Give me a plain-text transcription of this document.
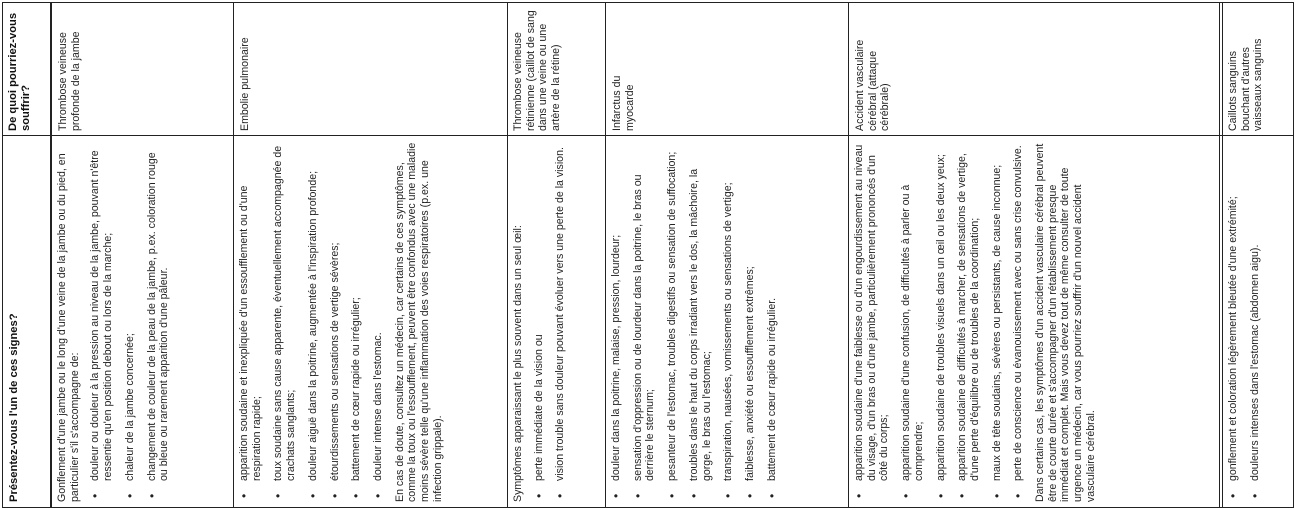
De quoi pourriez-vous souffrir?
Présentez-vous l'un de ces signes?
Thrombose veineuse profonde de la jambe

Gonflement d'une jambe ou le long d'une veine de la jambe ou du pied, en particulier s'il s'accompagne de: • douleur ou douleur à la pression au niveau de la jambe, pouvant n'être ressentie qu'en position debout ou lors de la marche; • chaleur de la jambe concernée; • changement de couleur de la peau de la jambe, p.ex. coloration rouge ou bleue ou rarement apparition d'une pâleur.
Embolie pulmonaire
• apparition soudaine et inexpliquée d'un essoufflement ou d'une respiration rapide; • toux soudaine sans cause apparente, éventuellement accompagnée de crachats sanglants; • douleur aiguë dans la poitrine, augmentée à l'inspiration profonde; • étourdissements ou sensations de vertige sévères; • battement de cœur rapide ou irrégulier; • douleur intense dans l'estomac. En cas de doute, consultez un médecin, car certains de ces symptômes, comme la toux ou l'essoufflement, peuvent être confondus avec une maladie moins sévère telle qu'une inflammation des voies respiratoires (p.ex. une infection grippale).

Thrombose veineuse rétinienne (caillot de sang dans une veine ou une artère de la rétine)

Symptômes apparaissant le plus souvent dans un seul œil: • perte immédiate de la vision ou • vision trouble sans douleur pouvant évoluer vers une perte de la vision.
Infarctus du myocarde
• douleur dans la poitrine, malaise, pression, lourdeur; • sensation d'oppression ou de lourdeur dans la poitrine, le bras ou derrière le sternum; • pesanteur de l'estomac, troubles digestifs ou sensation de suffocation; • troubles dans le haut du corps irradiant vers le dos, la mâchoire, la gorge, le bras ou l'estomac; • transpiration, nausées, vomissements ou sensations de vertige; • faiblesse, anxiété ou essoufflement extrêmes; • battement de cœur rapide ou irrégulier.
Accident vasculaire cérébral (attaque cérébrale)
• apparition soudaine d'une faiblesse ou d'un engourdissement au niveau du visage, d'un bras ou d'une jambe, particulièrement prononcés d'un côté du corps; • apparition soudaine d'une confusion, de difficultés à parler ou à comprendre; • apparition soudaine de troubles visuels dans un œil ou les deux yeux; • apparition soudaine de difficultés à marcher, de sensations de vertige, d'une perte d'équilibre ou de troubles de la coordination; • maux de tête soudains, sévères ou persistants, de cause inconnue; • perte de conscience ou évanouissement avec ou sans crise convulsive. Dans certains cas, les symptômes d'un accident vasculaire cérébral peuvent être de courte durée et s'accompagner d'un rétablissement presque immédiat et complet. Mais vous devez tout de même consulter de toute urgence un médecin, car vous pourriez souffrir d'un nouvel accident vasculaire cérébral.

Caillots sanguins bouchant d'autres vaisseaux sanguins
• gonflement et coloration légèrement bleutée d'une extrémité; • douleurs intenses dans l'estomac (abdomen aigu).
